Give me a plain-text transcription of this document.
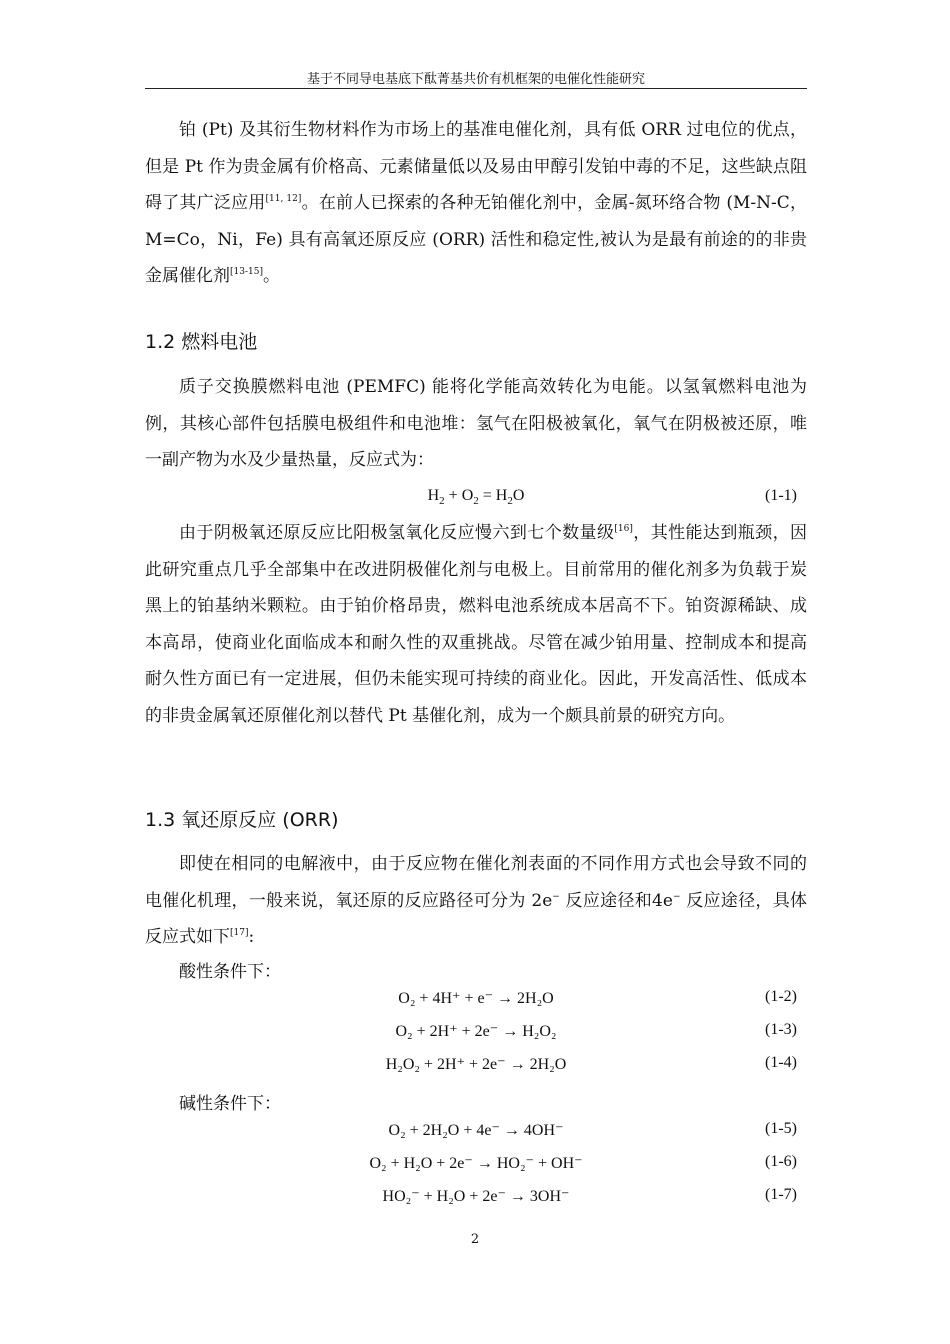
基于不同导电基底下酞菁基共价有机框架的电催化性能研究

铂 (Pt) 及其衍生物材料作为市场上的基准电催化剂，具有低 ORR 过电位的优点，但是 Pt 作为贵金属有价格高、元素储量低以及易由甲醇引发铂中毒的不足，这些缺点阻碍了其广泛应用[11, 12]。在前人已探索的各种无铂催化剂中，金属-氮环络合物 (M-N-C，M=Co，Ni，Fe) 具有高氧还原反应 (ORR) 活性和稳定性,被认为是最有前途的的非贵金属催化剂[13-15]。

1.2 燃料电池

质子交换膜燃料电池 (PEMFC) 能将化学能高效转化为电能。以氢氧燃料电池为例，其核心部件包括膜电极组件和电池堆：氢气在阳极被氧化，氧气在阴极被还原，唯一副产物为水及少量热量，反应式为：

$H_2 + O_2 = H_2O$	(1-1)

由于阴极氧还原反应比阳极氢氧化反应慢六到七个数量级[16]，其性能达到瓶颈，因此研究重点几乎全部集中在改进阴极催化剂与电极上。目前常用的催化剂多为负载于炭黑上的铂基纳米颗粒。由于铂价格昂贵，燃料电池系统成本居高不下。铂资源稀缺、成本高昂，使商业化面临成本和耐久性的双重挑战。尽管在减少铂用量、控制成本和提高耐久性方面已有一定进展，但仍未能实现可持续的商业化。因此，开发高活性、低成本的非贵金属氧还原催化剂以替代 Pt 基催化剂，成为一个颇具前景的研究方向。

1.3 氧还原反应 (ORR)

即使在相同的电解液中，由于反应物在催化剂表面的不同作用方式也会导致不同的电催化机理，一般来说，氧还原的反应路径可分为 2e− 反应途径和4e− 反应途径，具体反应式如下[17]:

酸性条件下：
O₂ + 4H⁺ + e⁻ → 2H₂O	(1-2)
O₂ + 2H⁺ + 2e⁻ → H₂O₂	(1-3)
H₂O₂ + 2H⁺ + 2e⁻ → 2H₂O	(1-4)
碱性条件下：
O₂ + 2H₂O + 4e⁻ → 4OH⁻	(1-5)
O₂ + H₂O + 2e⁻ → HO₂⁻ + OH⁻	(1-6)
HO₂⁻ + H₂O + 2e⁻ → 3OH⁻	(1-7)
2
